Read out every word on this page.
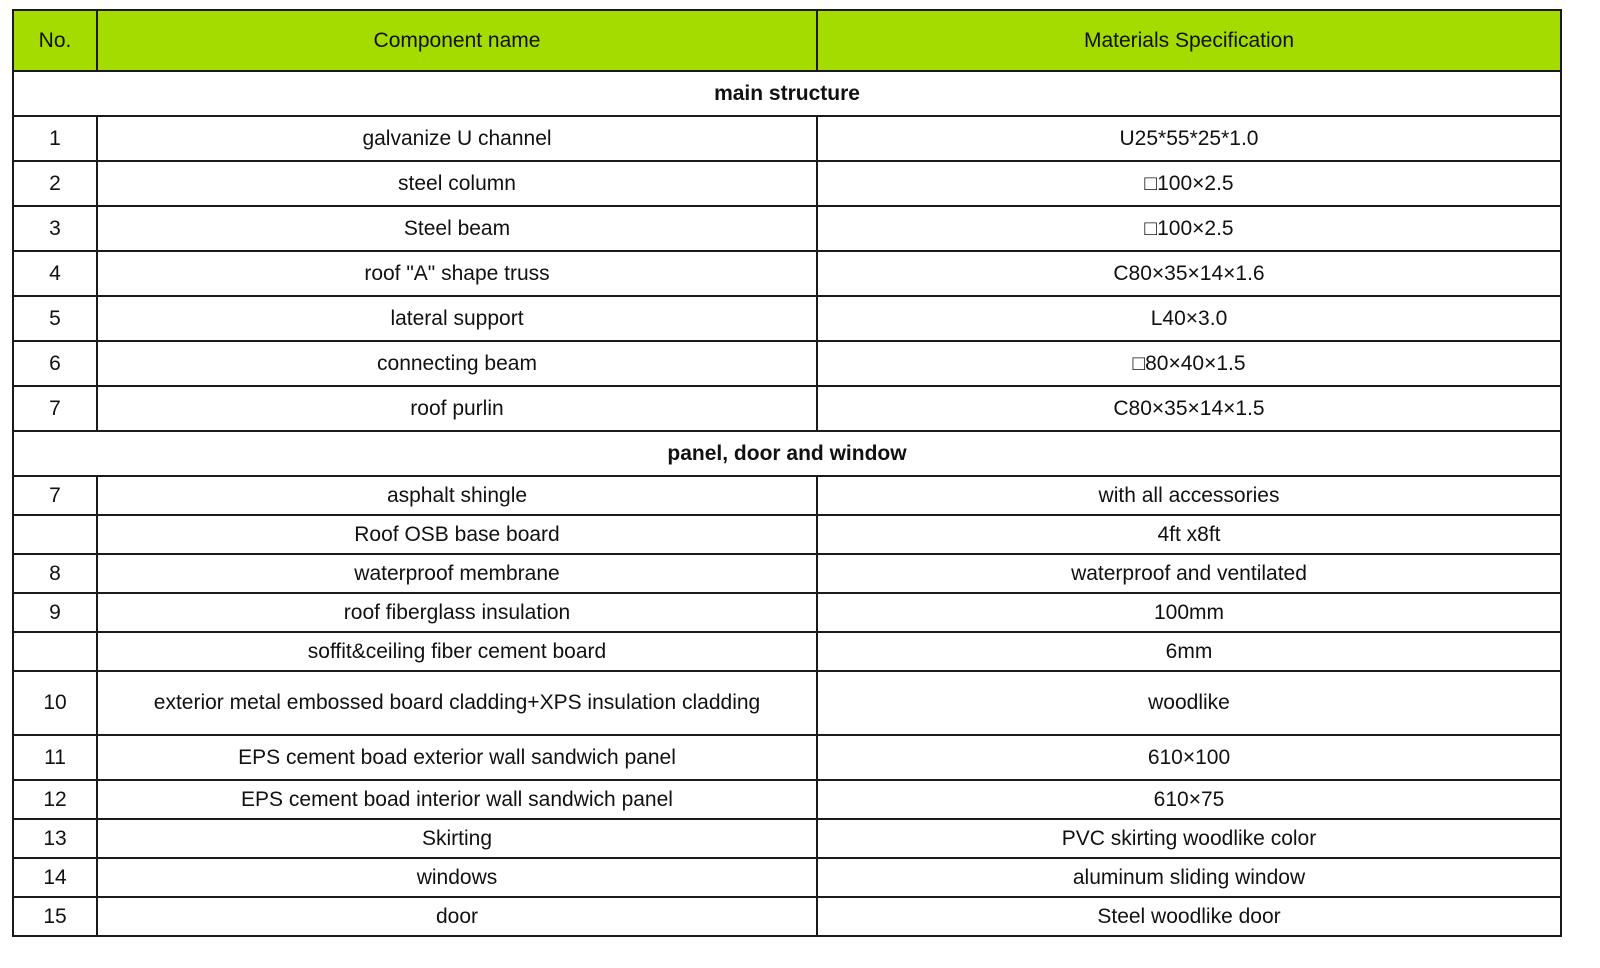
No.	Component name	Materials Specification
main structure		
1	galvanize U channel	U25*55*25*1.0
2	steel column	□100×2.5
3	Steel beam	□100×2.5
4	roof "A" shape truss	C80×35×14×1.6
5	lateral support	L40×3.0
6	connecting beam	□80×40×1.5
7	roof purlin	C80×35×14×1.5
panel, door and window		
7	asphalt shingle	with all accessories
	Roof OSB base board	4ft x8ft
8	waterproof membrane	waterproof and ventilated
9	roof fiberglass insulation	100mm
	soffit&ceiling fiber cement board	6mm
10	exterior metal embossed board cladding+XPS insulation cladding	woodlike
11	EPS cement boad exterior wall sandwich panel	610×100
12	EPS cement boad interior wall sandwich panel	610×75
13	Skirting	PVC skirting woodlike color
14	windows	aluminum sliding window
15	door	Steel woodlike door
